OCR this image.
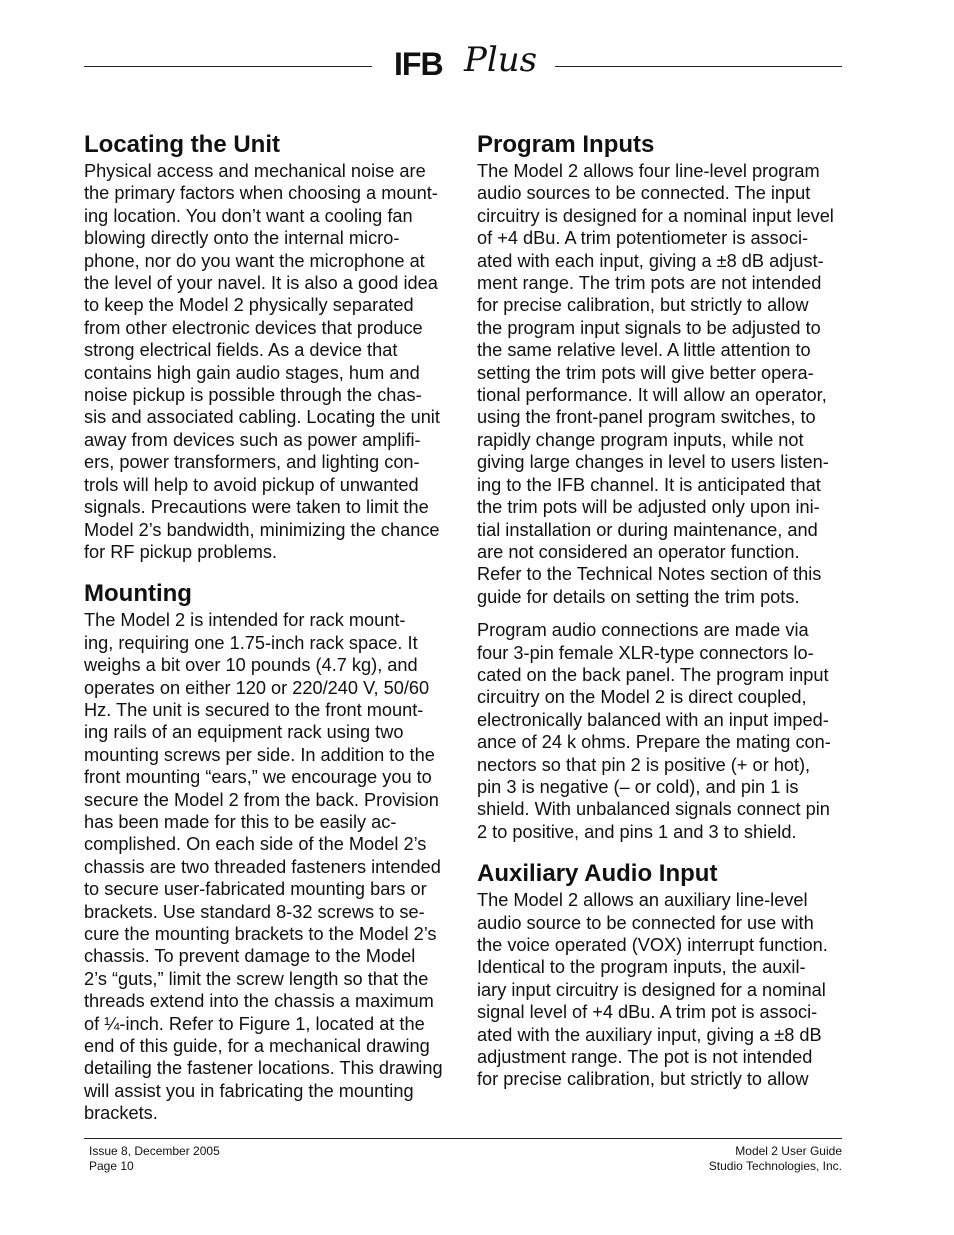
IFB Plus
Locating the Unit
Physical access and mechanical noise are
the primary factors when choosing a mount-
ing location. You don’t want a cooling fan
blowing directly onto the internal micro-
phone, nor do you want the microphone at
the level of your navel. It is also a good idea
to keep the Model 2 physically separated
from other electronic devices that produce
strong electrical fields. As a device that
contains high gain audio stages, hum and
noise pickup is possible through the chas-
sis and associated cabling. Locating the unit
away from devices such as power amplifi-
ers, power transformers, and lighting con-
trols will help to avoid pickup of unwanted
signals. Precautions were taken to limit the
Model 2’s bandwidth, minimizing the chance
for RF pickup problems.
Mounting
The Model 2 is intended for rack mount-
ing, requiring one 1.75-inch rack space. It
weighs a bit over 10 pounds (4.7 kg), and
operates on either 120 or 220/240 V, 50/60
Hz. The unit is secured to the front mount-
ing rails of an equipment rack using two
mounting screws per side. In addition to the
front mounting “ears,” we encourage you to
secure the Model 2 from the back. Provision
has been made for this to be easily ac-
complished. On each side of the Model 2’s
chassis are two threaded fasteners intended
to secure user-fabricated mounting bars or
brackets. Use standard 8-32 screws to se-
cure the mounting brackets to the Model 2’s
chassis. To prevent damage to the Model
2’s “guts,” limit the screw length so that the
threads extend into the chassis a maximum
of ¼-inch. Refer to Figure 1, located at the
end of this guide, for a mechanical drawing
detailing the fastener locations. This drawing
will assist you in fabricating the mounting
brackets.
Program Inputs
The Model 2 allows four line-level program
audio sources to be connected. The input
circuitry is designed for a nominal input level
of +4 dBu. A trim potentiometer is associ-
ated with each input, giving a ±8 dB adjust-
ment range. The trim pots are not intended
for precise calibration, but strictly to allow
the program input signals to be adjusted to
the same relative level. A little attention to
setting the trim pots will give better opera-
tional performance. It will allow an operator,
using the front-panel program switches, to
rapidly change program inputs, while not
giving large changes in level to users listen-
ing to the IFB channel. It is anticipated that
the trim pots will be adjusted only upon ini-
tial installation or during maintenance, and
are not considered an operator function.
Refer to the Technical Notes section of this
guide for details on setting the trim pots.
Program audio connections are made via
four 3-pin female XLR-type connectors lo-
cated on the back panel. The program input
circuitry on the Model 2 is direct coupled,
electronically balanced with an input imped-
ance of 24 k ohms. Prepare the mating con-
nectors so that pin 2 is positive (+ or hot),
pin 3 is negative (– or cold), and pin 1 is
shield. With unbalanced signals connect pin
2 to positive, and pins 1 and 3 to shield.
Auxiliary Audio Input
The Model 2 allows an auxiliary line-level
audio source to be connected for use with
the voice operated (VOX) interrupt function.
Identical to the program inputs, the auxil-
iary input circuitry is designed for a nominal
signal level of +4 dBu. A trim pot is associ-
ated with the auxiliary input, giving a ±8 dB
adjustment range. The pot is not intended
for precise calibration, but strictly to allow
Issue 8, December 2005
Page 10
Model 2 User Guide
Studio Technologies, Inc.
